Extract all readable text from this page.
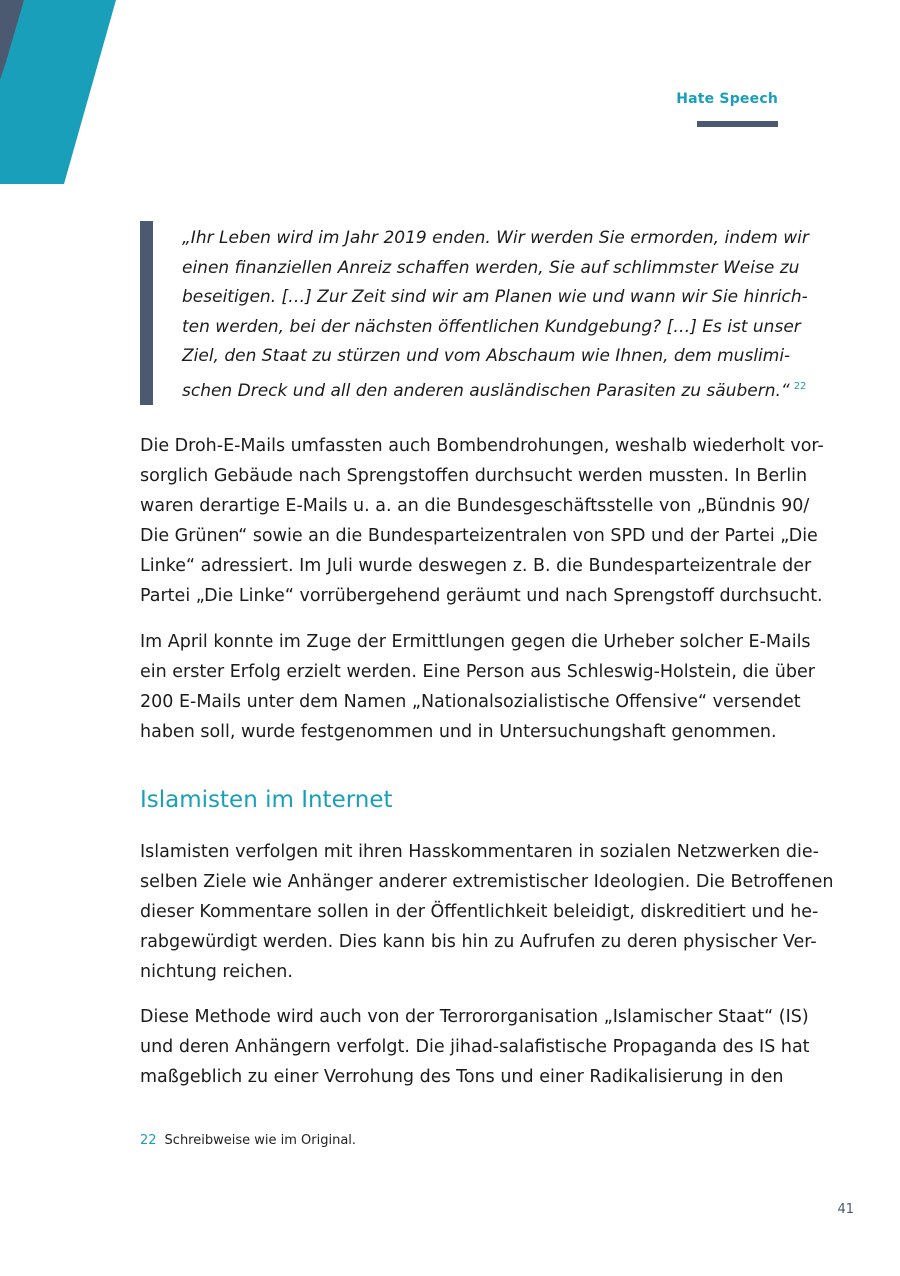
Hate Speech
„Ihr Leben wird im Jahr 2019 enden. Wir werden Sie ermorden, indem wir
einen finanziellen Anreiz schaffen werden, Sie auf schlimmster Weise zu
beseitigen. […] Zur Zeit sind wir am Planen wie und wann wir Sie hinrich-
ten werden, bei der nächsten öffentlichen Kundgebung? […] Es ist unser
Ziel, den Staat zu stürzen und vom Abschaum wie Ihnen, dem muslimi-
schen Dreck und all den anderen ausländischen Parasiten zu säubern.“ $^{22}$
Die Droh-E-Mails umfassten auch Bombendrohungen, weshalb wiederholt vor-
sorglich Gebäude nach Sprengstoffen durchsucht werden mussten. In Berlin
waren derartige E-Mails u. a. an die Bundesgeschäftsstelle von „Bündnis 90/
Die Grünen“ sowie an die Bundesparteizentralen von SPD und der Partei „Die
Linke“ adressiert. Im Juli wurde deswegen z. B. die Bundesparteizentrale der
Partei „Die Linke“ vorrübergehend geräumt und nach Sprengstoff durchsucht.
Im April konnte im Zuge der Ermittlungen gegen die Urheber solcher E-Mails
ein erster Erfolg erzielt werden. Eine Person aus Schleswig-Holstein, die über
200 E-Mails unter dem Namen „Nationalsozialistische Offensive“ versendet
haben soll, wurde festgenommen und in Untersuchungshaft genommen.
Islamisten im Internet
Islamisten verfolgen mit ihren Hasskommentaren in sozialen Netzwerken die-
selben Ziele wie Anhänger anderer extremistischer Ideologien. Die Betroffenen
dieser Kommentare sollen in der Öffentlichkeit beleidigt, diskreditiert und he-
rabgewürdigt werden. Dies kann bis hin zu Aufrufen zu deren physischer Ver-
nichtung reichen.
Diese Methode wird auch von der Terrororganisation „Islamischer Staat“ (IS)
und deren Anhängern verfolgt. Die jihad-salafistische Propaganda des IS hat
maßgeblich zu einer Verrohung des Tons und einer Radikalisierung in den
22 Schreibweise wie im Original.
41
